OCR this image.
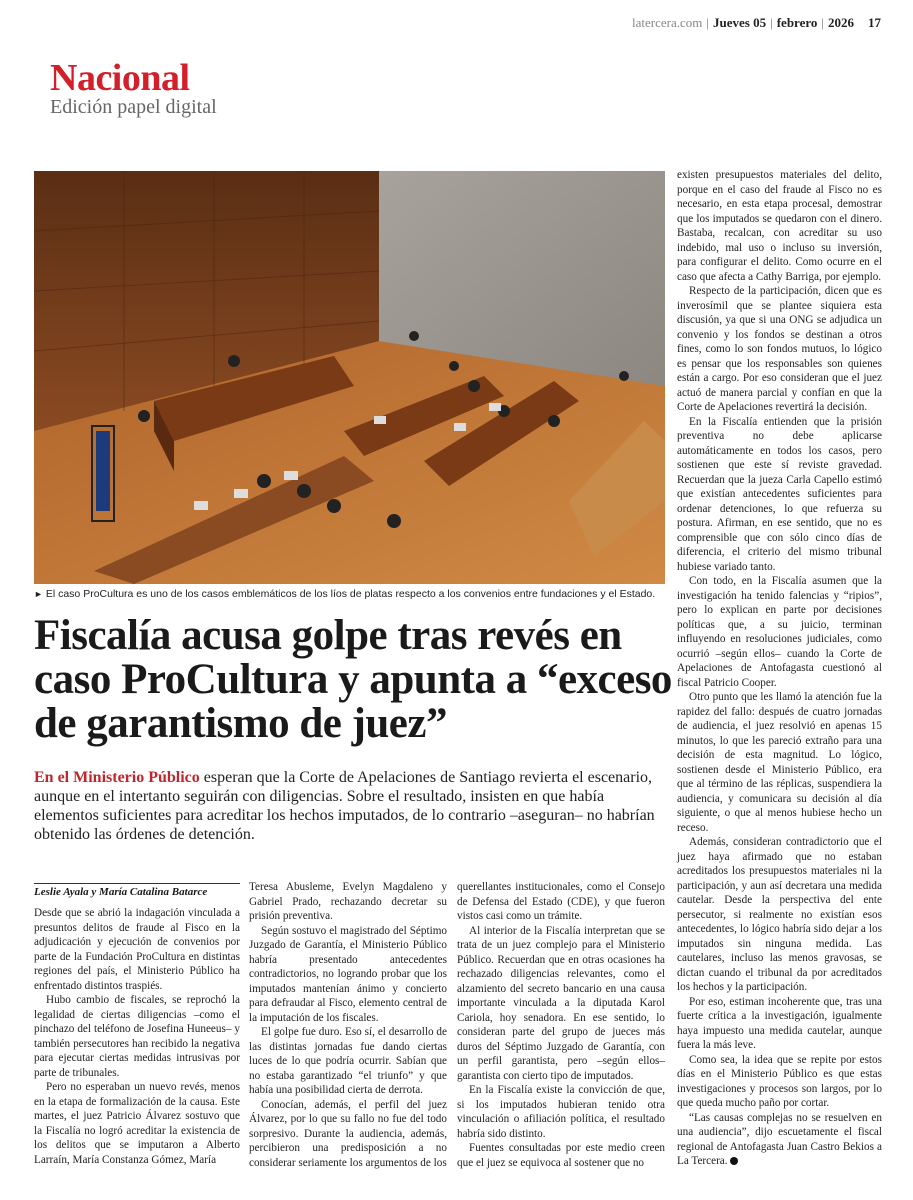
latercera.com | Jueves 05 | febrero | 2026 17
Nacional
Edición papel digital
► El caso ProCultura es uno de los casos emblemáticos de los líos de platas respecto a los convenios entre fundaciones y el Estado.
Fiscalía acusa golpe tras revés en caso ProCultura y apunta a “exceso de garantismo de juez”
En el Ministerio Público esperan que la Corte de Apelaciones de Santiago revierta el escenario, aunque en el intertanto seguirán con diligencias. Sobre el resultado, insisten en que había elementos suficientes para acreditar los hechos imputados, de lo contrario –aseguran– no habrían obtenido las órdenes de detención.
Leslie Ayala y María Catalina Batarce

Desde que se abrió la indagación vinculada a presuntos delitos de fraude al Fisco en la adjudicación y ejecución de convenios por parte de la Fundación ProCultura en distintas regiones del país, el Ministerio Público ha enfrentado distintos traspiés.

Hubo cambio de fiscales, se reprochó la legalidad de ciertas diligencias –como el pinchazo del teléfono de Josefina Huneeus– y también persecutores han recibido la negativa para ejecutar ciertas medidas intrusivas por parte de tribunales.

Pero no esperaban un nuevo revés, menos en la etapa de formalización de la causa. Este martes, el juez Patricio Álvarez sostuvo que la Fiscalía no logró acreditar la existencia de los delitos que se imputaron a Alberto Larraín, María Constanza Gómez, María

Teresa Abusleme, Evelyn Magdaleno y Gabriel Prado, rechazando decretar su prisión preventiva.

Según sostuvo el magistrado del Séptimo Juzgado de Garantía, el Ministerio Público habría presentado antecedentes contradictorios, no logrando probar que los imputados mantenían ánimo y concierto para defraudar al Fisco, elemento central de la imputación de los fiscales.

El golpe fue duro. Eso sí, el desarrollo de las distintas jornadas fue dando ciertas luces de lo que podría ocurrir. Sabían que no estaba garantizado “el triunfo” y que había una posibilidad cierta de derrota.

Conocían, además, el perfil del juez Álvarez, por lo que su fallo no fue del todo sorpresivo. Durante la audiencia, además, percibieron una predisposición a no considerar seriamente los argumentos de los

querellantes institucionales, como el Consejo de Defensa del Estado (CDE), y que fueron vistos casi como un trámite.

Al interior de la Fiscalía interpretan que se trata de un juez complejo para el Ministerio Público. Recuerdan que en otras ocasiones ha rechazado diligencias relevantes, como el alzamiento del secreto bancario en una causa importante vinculada a la diputada Karol Cariola, hoy senadora. En ese sentido, lo consideran parte del grupo de jueces más duros del Séptimo Juzgado de Garantía, con un perfil garantista, pero –según ellos– garantista con cierto tipo de imputados.

En la Fiscalía existe la convicción de que, si los imputados hubieran tenido otra vinculación o afiliación política, el resultado habría sido distinto.

Fuentes consultadas por este medio creen que el juez se equivoca al sostener que no

existen presupuestos materiales del delito, porque en el caso del fraude al Fisco no es necesario, en esta etapa procesal, demostrar que los imputados se quedaron con el dinero. Bastaba, recalcan, con acreditar su uso indebido, mal uso o incluso su inversión, para configurar el delito. Como ocurre en el caso que afecta a Cathy Barriga, por ejemplo.

Respecto de la participación, dicen que es inverosímil que se plantee siquiera esta discusión, ya que si una ONG se adjudica un convenio y los fondos se destinan a otros fines, como lo son fondos mutuos, lo lógico es pensar que los responsables son quienes están a cargo. Por eso consideran que el juez actuó de manera parcial y confían en que la Corte de Apelaciones revertirá la decisión.

En la Fiscalía entienden que la prisión preventiva no debe aplicarse automáticamente en todos los casos, pero sostienen que este sí reviste gravedad. Recuerdan que la jueza Carla Capello estimó que existían antecedentes suficientes para ordenar detenciones, lo que refuerza su postura. Afirman, en ese sentido, que no es comprensible que con sólo cinco días de diferencia, el criterio del mismo tribunal hubiese variado tanto.

Con todo, en la Fiscalía asumen que la investigación ha tenido falencias y “ripios”, pero lo explican en parte por decisiones políticas que, a su juicio, terminan influyendo en resoluciones judiciales, como ocurrió –según ellos– cuando la Corte de Apelaciones de Antofagasta cuestionó al fiscal Patricio Cooper.

Otro punto que les llamó la atención fue la rapidez del fallo: después de cuatro jornadas de audiencia, el juez resolvió en apenas 15 minutos, lo que les pareció extraño para una decisión de esta magnitud. Lo lógico, sostienen desde el Ministerio Público, era que al término de las réplicas, suspendiera la audiencia, y comunicara su decisión al día siguiente, o que al menos hubiese hecho un receso.

Además, consideran contradictorio que el juez haya afirmado que no estaban acreditados los presupuestos materiales ni la participación, y aun así decretara una medida cautelar. Desde la perspectiva del ente persecutor, si realmente no existían esos antecedentes, lo lógico habría sido dejar a los imputados sin ninguna medida. Las cautelares, incluso las menos gravosas, se dictan cuando el tribunal da por acreditados los hechos y la participación.

Por eso, estiman incoherente que, tras una fuerte crítica a la investigación, igualmente haya impuesto una medida cautelar, aunque fuera la más leve.

Como sea, la idea que se repite por estos días en el Ministerio Público es que estas investigaciones y procesos son largos, por lo que queda mucho paño por cortar.

“Las causas complejas no se resuelven en una audiencia”, dijo escuetamente el fiscal regional de Antofagasta Juan Castro Bekios a La Tercera.
